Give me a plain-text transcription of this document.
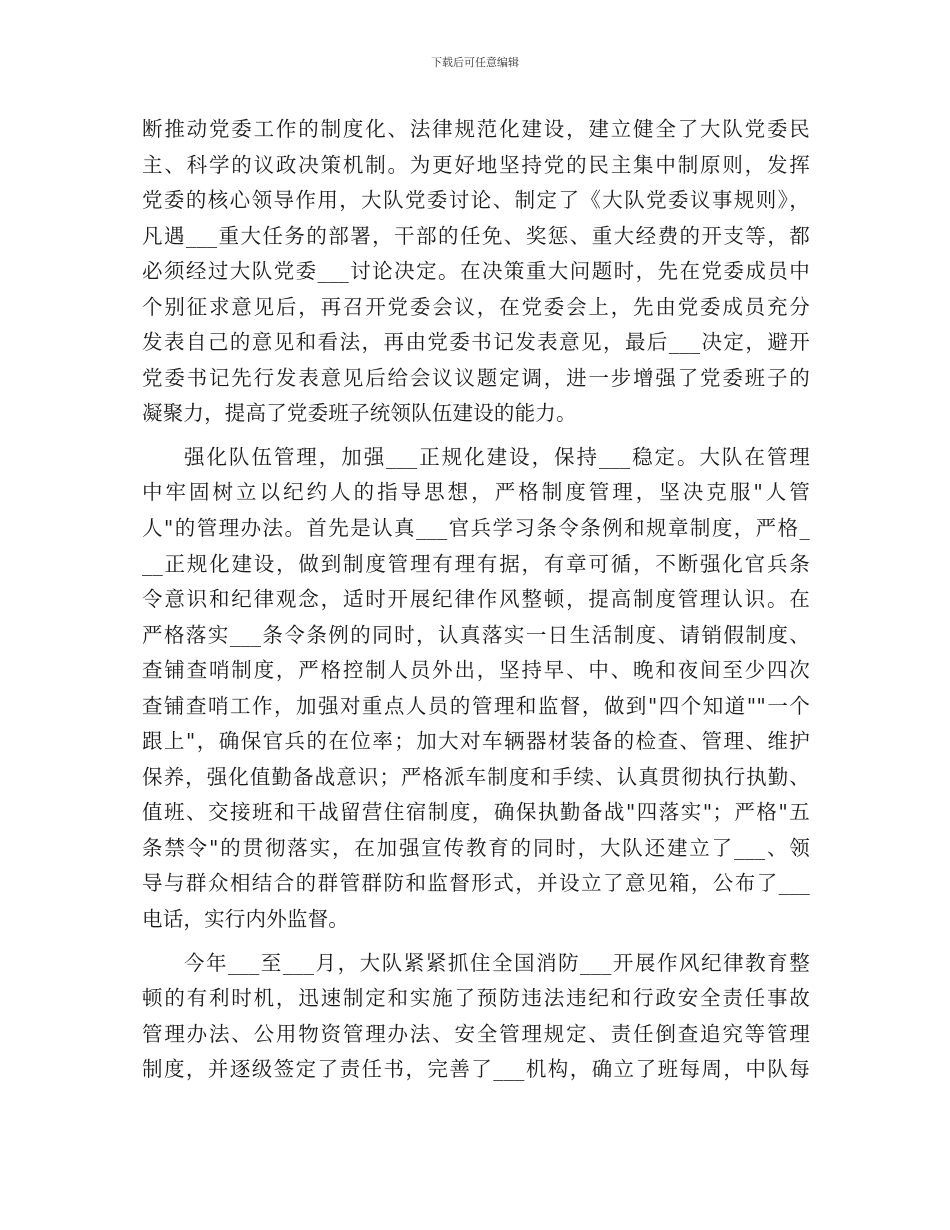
下载后可任意编辑
断推动党委工作的制度化、法律规范化建设，建立健全了大队党委民
主、科学的议政决策机制。为更好地坚持党的民主集中制原则，发挥
党委的核心领导作用，大队党委讨论、制定了《大队党委议事规则》，
凡遇___重大任务的部署，干部的任免、奖惩、重大经费的开支等，都
必须经过大队党委___讨论决定。在决策重大问题时，先在党委成员中
个别征求意见后，再召开党委会议，在党委会上，先由党委成员充分
发表自己的意见和看法，再由党委书记发表意见，最后___决定，避开
党委书记先行发表意见后给会议议题定调，进一步增强了党委班子的
凝聚力，提高了党委班子统领队伍建设的能力。
强化队伍管理，加强___正规化建设，保持___稳定。大队在管理
中牢固树立以纪约人的指导思想，严格制度管理，坚决克服"人管
人"的管理办法。首先是认真___官兵学习条令条例和规章制度，严格_
__正规化建设，做到制度管理有理有据，有章可循，不断强化官兵条
令意识和纪律观念，适时开展纪律作风整顿，提高制度管理认识。在
严格落实___条令条例的同时，认真落实一日生活制度、请销假制度、
查铺查哨制度，严格控制人员外出，坚持早、中、晚和夜间至少四次
查铺查哨工作，加强对重点人员的管理和监督，做到"四个知道""一个
跟上"，确保官兵的在位率；加大对车辆器材装备的检查、管理、维护
保养，强化值勤备战意识；严格派车制度和手续、认真贯彻执行执勤、
值班、交接班和干战留营住宿制度，确保执勤备战"四落实"；严格"五
条禁令"的贯彻落实，在加强宣传教育的同时，大队还建立了___、领
导与群众相结合的群管群防和监督形式，并设立了意见箱，公布了___
电话，实行内外监督。
今年___至___月，大队紧紧抓住全国消防___开展作风纪律教育整
顿的有利时机，迅速制定和实施了预防违法违纪和行政安全责任事故
管理办法、公用物资管理办法、安全管理规定、责任倒查追究等管理
制度，并逐级签定了责任书，完善了___机构，确立了班每周，中队每
